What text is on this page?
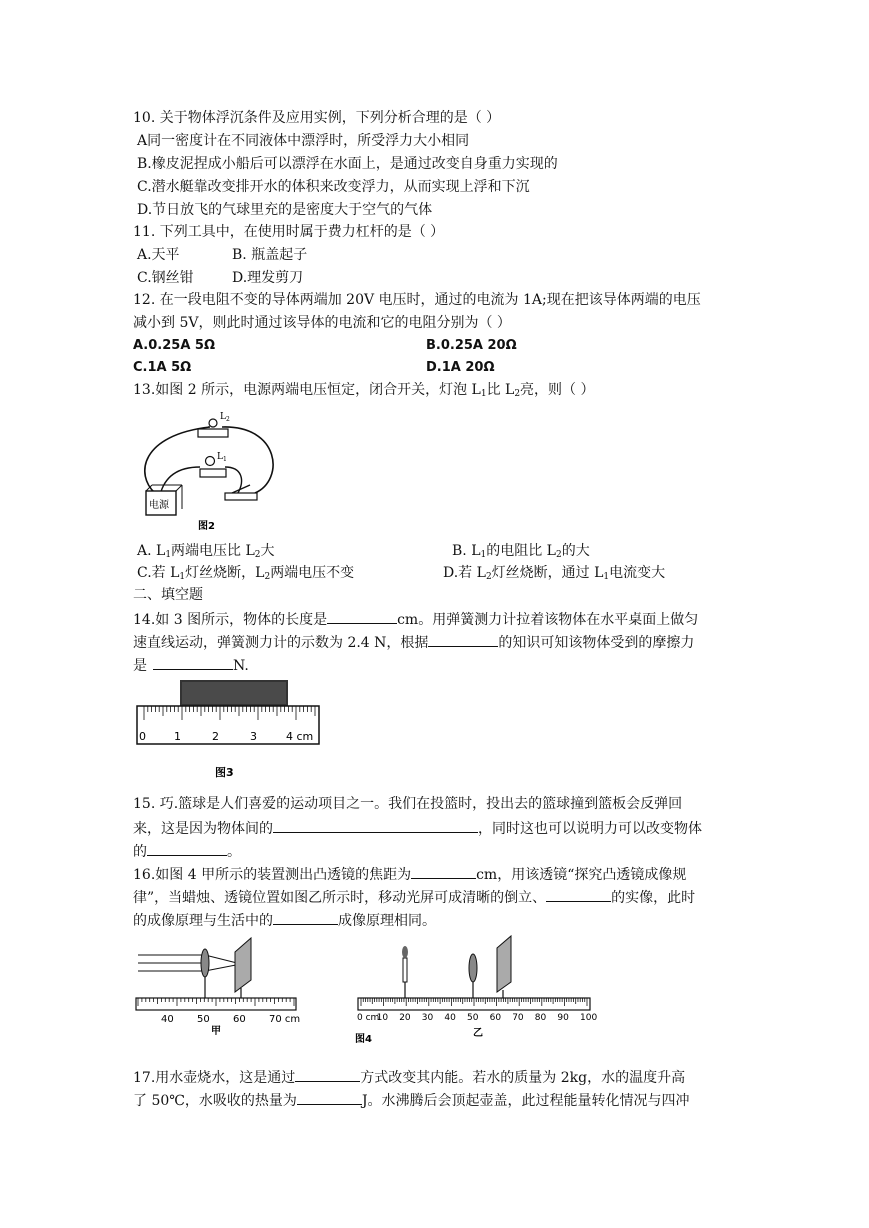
10. 关于物体浮沉条件及应用实例，下列分析合理的是（ ）
A同一密度计在不同液体中漂浮时，所受浮力大小相同
B.橡皮泥捏成小船后可以漂浮在水面上，是通过改变自身重力实现的
C.潜水艇靠改变排开水的体积来改变浮力，从而实现上浮和下沉
D.节日放飞的气球里充的是密度大于空气的气体
11. 下列工具中，在使用时属于费力杠杆的是（ ）
A.天平	B. 瓶盖起子
C.钢丝钳	D.理发剪刀
12. 在一段电阻不变的导体两端加 20V 电压时，通过的电流为 1A;现在把该导体两端的电压
减小到 5V，则此时通过该导体的电流和它的电阻分别为（ ）
A.0.25A 5Ω	B.0.25A 20Ω
C.1A 5Ω	D.1A 20Ω
13.如图 2 所示，电源两端电压恒定，闭合开关，灯泡 $L_1$比 $L_2$亮，则（ ）
L 2
L 1
电源
图2
A. $L_1$两端电压比 $L_2$大	B. $L_1$的电阻比 $L_2$的大
C.若 $L_1$灯丝烧断，$L_2$两端电压不变	D.若 $L_2$灯丝烧断，通过 $L_1$电流变大
二、填空题
14.如 3 图所示，物体的长度是	cm。用弹簧测力计拉着该物体在水平桌面上做匀
速直线运动，弹簧测力计的示数为 2.4 N，根据	的知识可知该物体受到的摩擦力
是	N.
0	1	2	3	4 cm
图3
15. 巧.篮球是人们喜爱的运动项目之一。我们在投篮时，投出去的篮球撞到篮板会反弹回
来，这是因为物体间的	，同时这也可以说明力可以改变物体
的	。
16.如图 4 甲所示的装置测出凸透镜的焦距为	cm，用该透镜“探究凸透镜成像规
律”，当蜡烛、透镜位置如图乙所示时，移动光屏可成清晰的倒立、	的实像，此时
的成像原理与生活中的	成像原理相同。
40 50 60 70 cm
甲
0 cm
10 20 30 40 50 60 70 80 90 100
乙
图4
17.用水壶烧水，这是通过	方式改变其内能。若水的质量为 2kg，水的温度升高
了 50℃，水吸收的热量为	J。水沸腾后会顶起壶盖，此过程能量转化情况与四冲
